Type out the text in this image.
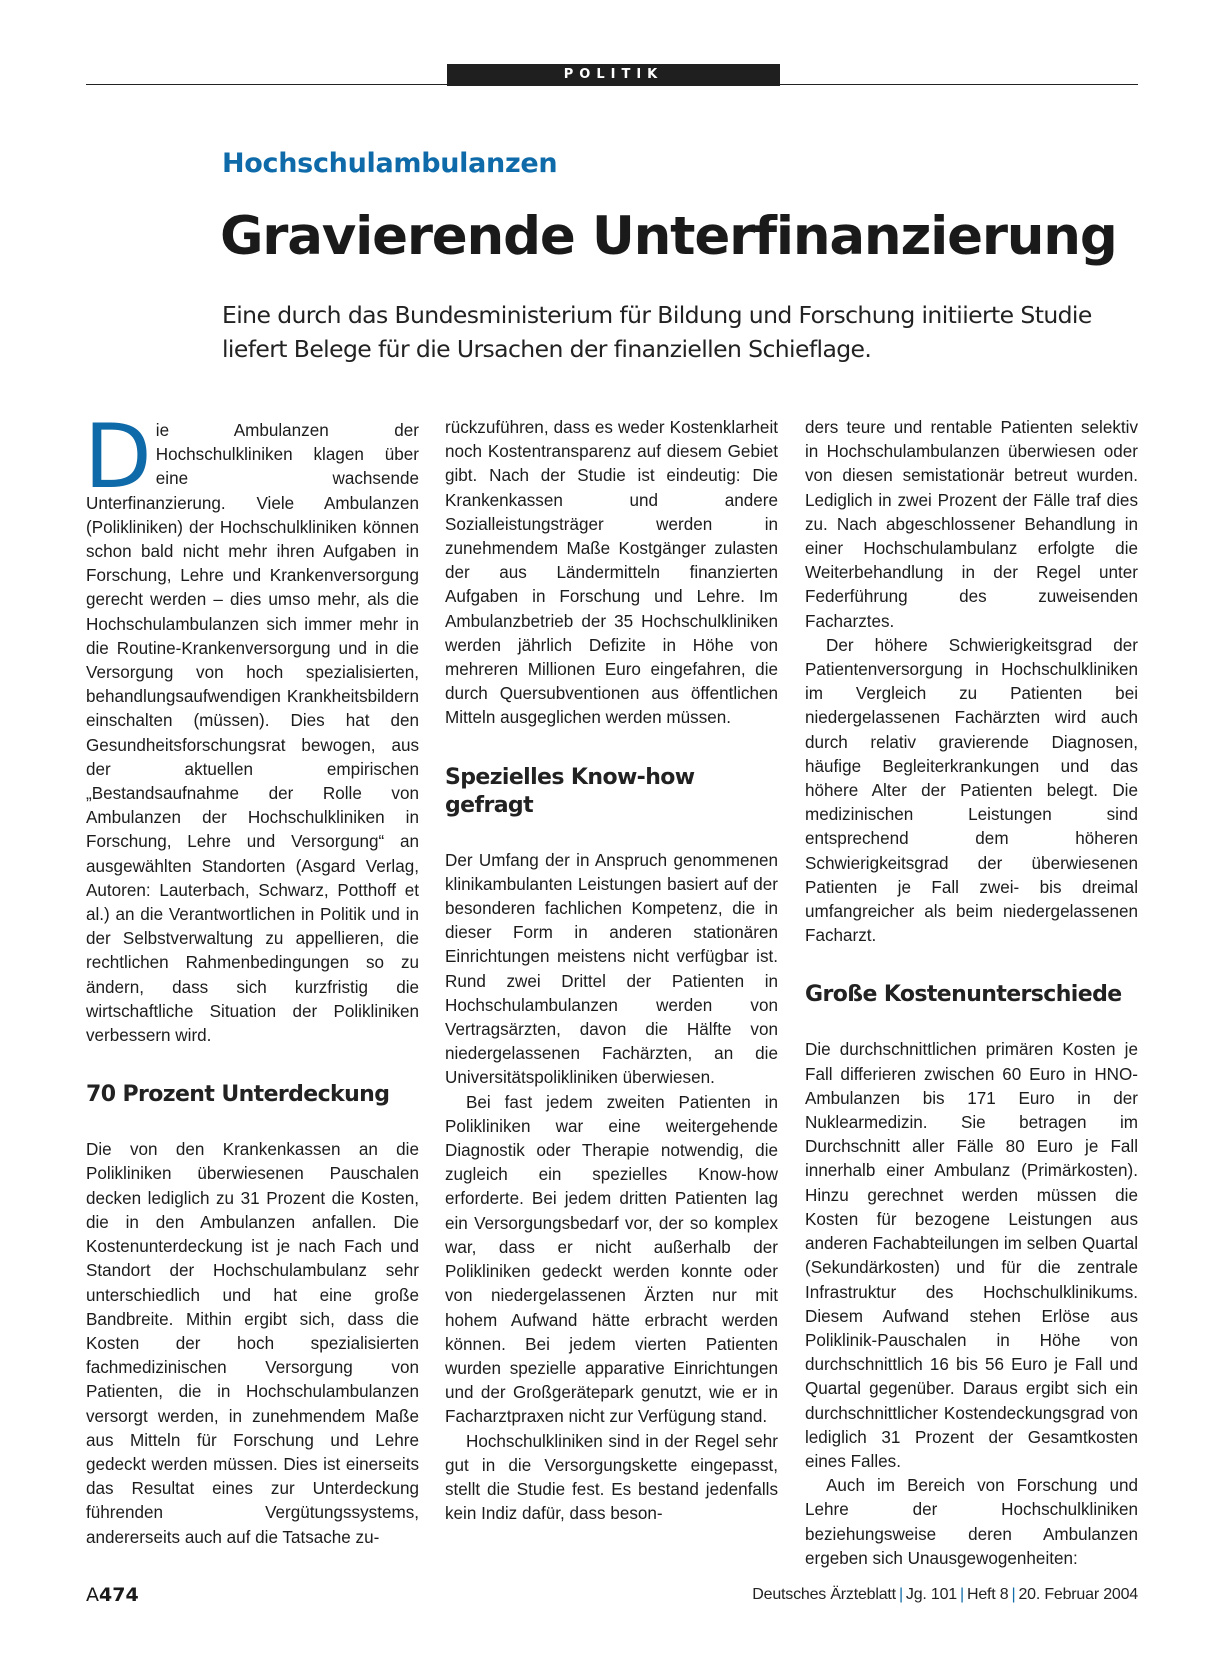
POLITIK
Hochschulambulanzen
Gravierende Unterfinanzierung

Eine durch das Bundesministerium für Bildung und Forschung initiierte Studie liefert Belege für die Ursachen der finanziellen Schieflage.

Die Ambulanzen der Hochschulkliniken klagen über eine wachsende Unterfinanzierung. Viele Ambulanzen (Polikliniken) der Hochschulkliniken können schon bald nicht mehr ihren Aufgaben in Forschung, Lehre und Krankenversorgung gerecht werden – dies umso mehr, als die Hochschulambulanzen sich immer mehr in die Routine-Krankenversorgung und in die Versorgung von hoch spezialisierten, behandlungsaufwendigen Krankheitsbildern einschalten (müssen). Dies hat den Gesundheitsforschungsrat bewogen, aus der aktuellen empirischen „Bestandsaufnahme der Rolle von Ambulanzen der Hochschulkliniken in Forschung, Lehre und Versorgung“ an ausgewählten Standorten (Asgard Verlag, Autoren: Lauterbach, Schwarz, Potthoff et al.) an die Verantwortlichen in Politik und in der Selbstverwaltung zu appellieren, die rechtlichen Rahmenbedingungen so zu ändern, dass sich kurzfristig die wirtschaftliche Situation der Polikliniken verbessern wird.

70 Prozent Unterdeckung

Die von den Krankenkassen an die Polikliniken überwiesenen Pauschalen decken lediglich zu 31 Prozent die Kosten, die in den Ambulanzen anfallen. Die Kostenunterdeckung ist je nach Fach und Standort der Hochschulambulanz sehr unterschiedlich und hat eine große Bandbreite. Mithin ergibt sich, dass die Kosten der hoch spezialisierten fachmedizinischen Versorgung von Patienten, die in Hochschulambulanzen versorgt werden, in zunehmendem Maße aus Mitteln für Forschung und Lehre gedeckt werden müssen. Dies ist einerseits das Resultat eines zur Unterdeckung führenden Vergütungssystems, andererseits auch auf die Tatsache zu-

rückzuführen, dass es weder Kostenklarheit noch Kostentransparenz auf diesem Gebiet gibt. Nach der Studie ist eindeutig: Die Krankenkassen und andere Sozialleistungsträger werden in zunehmendem Maße Kostgänger zulasten der aus Ländermitteln finanzierten Aufgaben in Forschung und Lehre. Im Ambulanzbetrieb der 35 Hochschulkliniken werden jährlich Defizite in Höhe von mehreren Millionen Euro eingefahren, die durch Quersubventionen aus öffentlichen Mitteln ausgeglichen werden müssen.

Spezielles Know-how gefragt

Der Umfang der in Anspruch genommenen klinikambulanten Leistungen basiert auf der besonderen fachlichen Kompetenz, die in dieser Form in anderen stationären Einrichtungen meistens nicht verfügbar ist. Rund zwei Drittel der Patienten in Hochschulambulanzen werden von Vertragsärzten, davon die Hälfte von niedergelassenen Fachärzten, an die Universitätspolikliniken überwiesen.

Bei fast jedem zweiten Patienten in Polikliniken war eine weitergehende Diagnostik oder Therapie notwendig, die zugleich ein spezielles Know-how erforderte. Bei jedem dritten Patienten lag ein Versorgungsbedarf vor, der so komplex war, dass er nicht außerhalb der Polikliniken gedeckt werden konnte oder von niedergelassenen Ärzten nur mit hohem Aufwand hätte erbracht werden können. Bei jedem vierten Patienten wurden spezielle apparative Einrichtungen und der Großgerätepark genutzt, wie er in Facharztpraxen nicht zur Verfügung stand.

Hochschulkliniken sind in der Regel sehr gut in die Versorgungskette eingepasst, stellt die Studie fest. Es bestand jedenfalls kein Indiz dafür, dass beson-

ders teure und rentable Patienten selektiv in Hochschulambulanzen überwiesen oder von diesen semistationär betreut wurden. Lediglich in zwei Prozent der Fälle traf dies zu. Nach abgeschlossener Behandlung in einer Hochschulambulanz erfolgte die Weiterbehandlung in der Regel unter Federführung des zuweisenden Facharztes.

Der höhere Schwierigkeitsgrad der Patientenversorgung in Hochschulkliniken im Vergleich zu Patienten bei niedergelassenen Fachärzten wird auch durch relativ gravierende Diagnosen, häufige Begleiterkrankungen und das höhere Alter der Patienten belegt. Die medizinischen Leistungen sind entsprechend dem höheren Schwierigkeitsgrad der überwiesenen Patienten je Fall zwei- bis dreimal umfangreicher als beim niedergelassenen Facharzt.

Große Kostenunterschiede

Die durchschnittlichen primären Kosten je Fall differieren zwischen 60 Euro in HNO-Ambulanzen bis 171 Euro in der Nuklearmedizin. Sie betragen im Durchschnitt aller Fälle 80 Euro je Fall innerhalb einer Ambulanz (Primärkosten). Hinzu gerechnet werden müssen die Kosten für bezogene Leistungen aus anderen Fachabteilungen im selben Quartal (Sekundärkosten) und für die zentrale Infrastruktur des Hochschulklinikums. Diesem Aufwand stehen Erlöse aus Poliklinik-Pauschalen in Höhe von durchschnittlich 16 bis 56 Euro je Fall und Quartal gegenüber. Daraus ergibt sich ein durchschnittlicher Kostendeckungsgrad von lediglich 31 Prozent der Gesamtkosten eines Falles.

Auch im Bereich von Forschung und Lehre der Hochschulkliniken beziehungsweise deren Ambulanzen ergeben sich Unausgewogenheiten:

A474	Deutsches Ärzteblatt | Jg. 101 | Heft 8 | 20. Februar 2004
